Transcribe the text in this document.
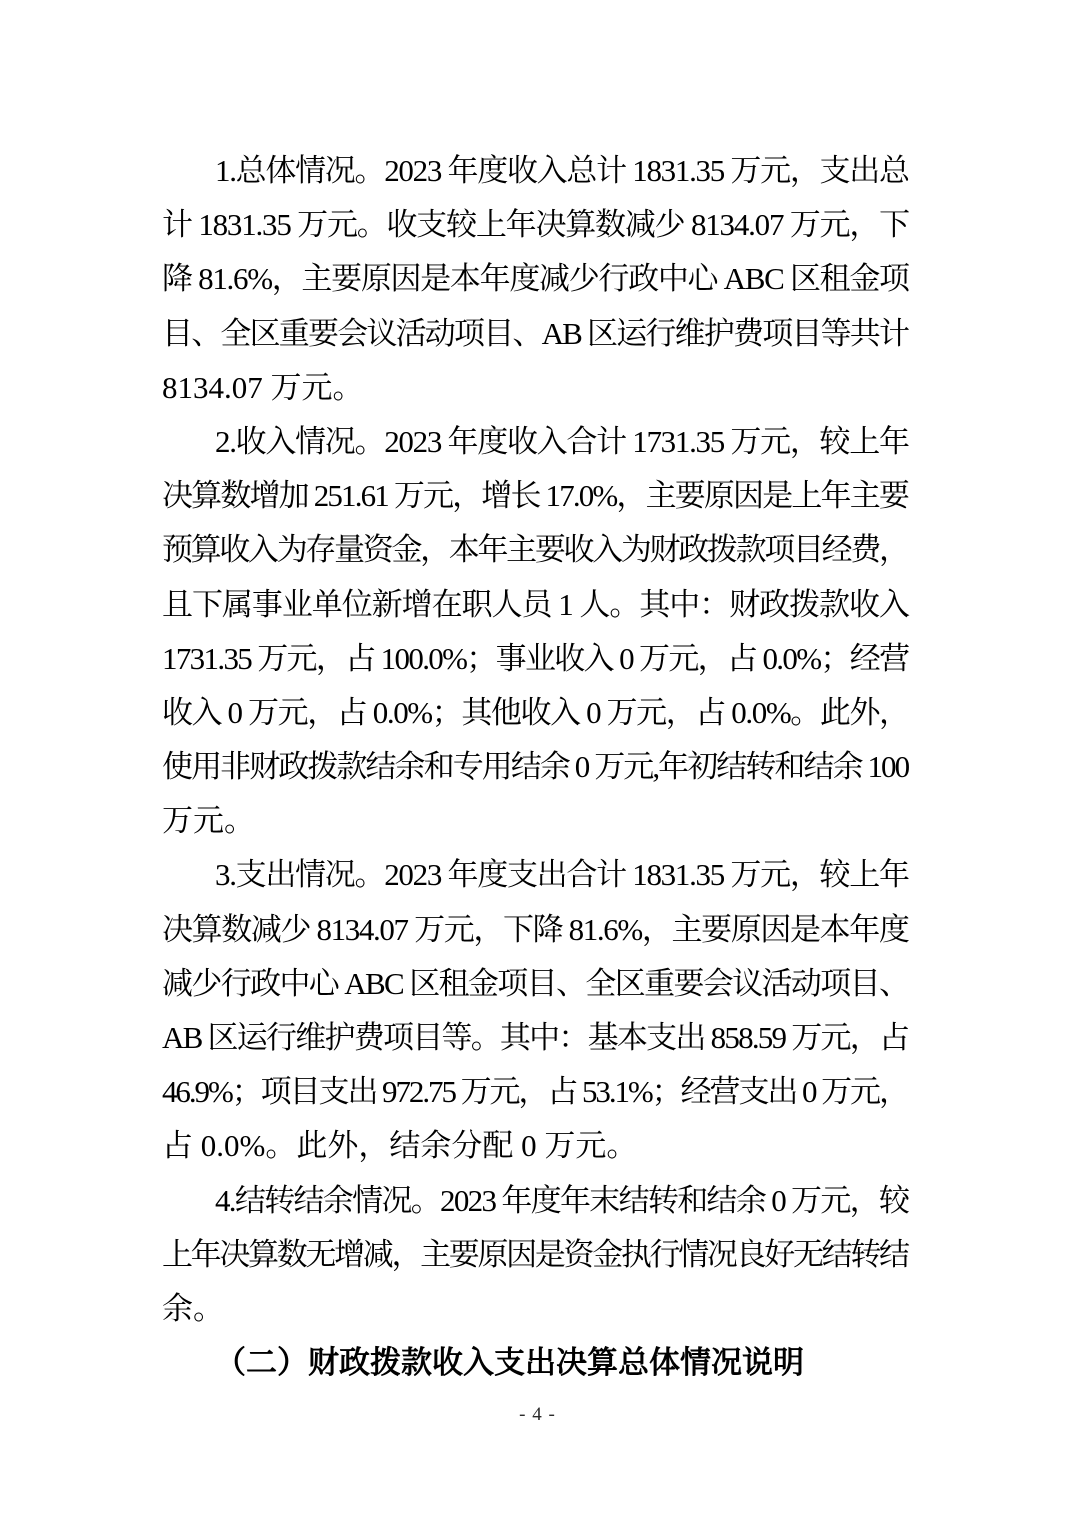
1.总体情况。2023 年度收入总计 1831.35 万元，支出总
计 1831.35 万元。收支较上年决算数减少 8134.07 万元，下
降 81.6%，主要原因是本年度减少行政中心 ABC 区租金项
目、全区重要会议活动项目、AB 区运行维护费项目等共计
8134.07 万元。
2.收入情况。2023 年度收入合计 1731.35 万元，较上年
决算数增加 251.61 万元，增长 17.0%，主要原因是上年主要
预算收入为存量资金，本年主要收入为财政拨款项目经费，
且下属事业单位新增在职人员 1 人。其中：财政拨款收入
1731.35 万元，占 100.0%；事业收入 0 万元，占 0.0%；经营
收入 0 万元，占 0.0%；其他收入 0 万元，占 0.0%。此外，
使用非财政拨款结余和专用结余 0 万元,年初结转和结余 100
万元。
3.支出情况。2023 年度支出合计 1831.35 万元，较上年
决算数减少 8134.07 万元，下降 81.6%，主要原因是本年度
减少行政中心 ABC 区租金项目、全区重要会议活动项目、
AB 区运行维护费项目等。其中：基本支出 858.59 万元，占
46.9%；项目支出 972.75 万元，占 53.1%；经营支出 0 万元，
占 0.0%。此外，结余分配 0 万元。
4.结转结余情况。2023 年度年末结转和结余 0 万元，较
上年决算数无增减，主要原因是资金执行情况良好无结转结
余。
（二）财政拨款收入支出决算总体情况说明
- 4 -
